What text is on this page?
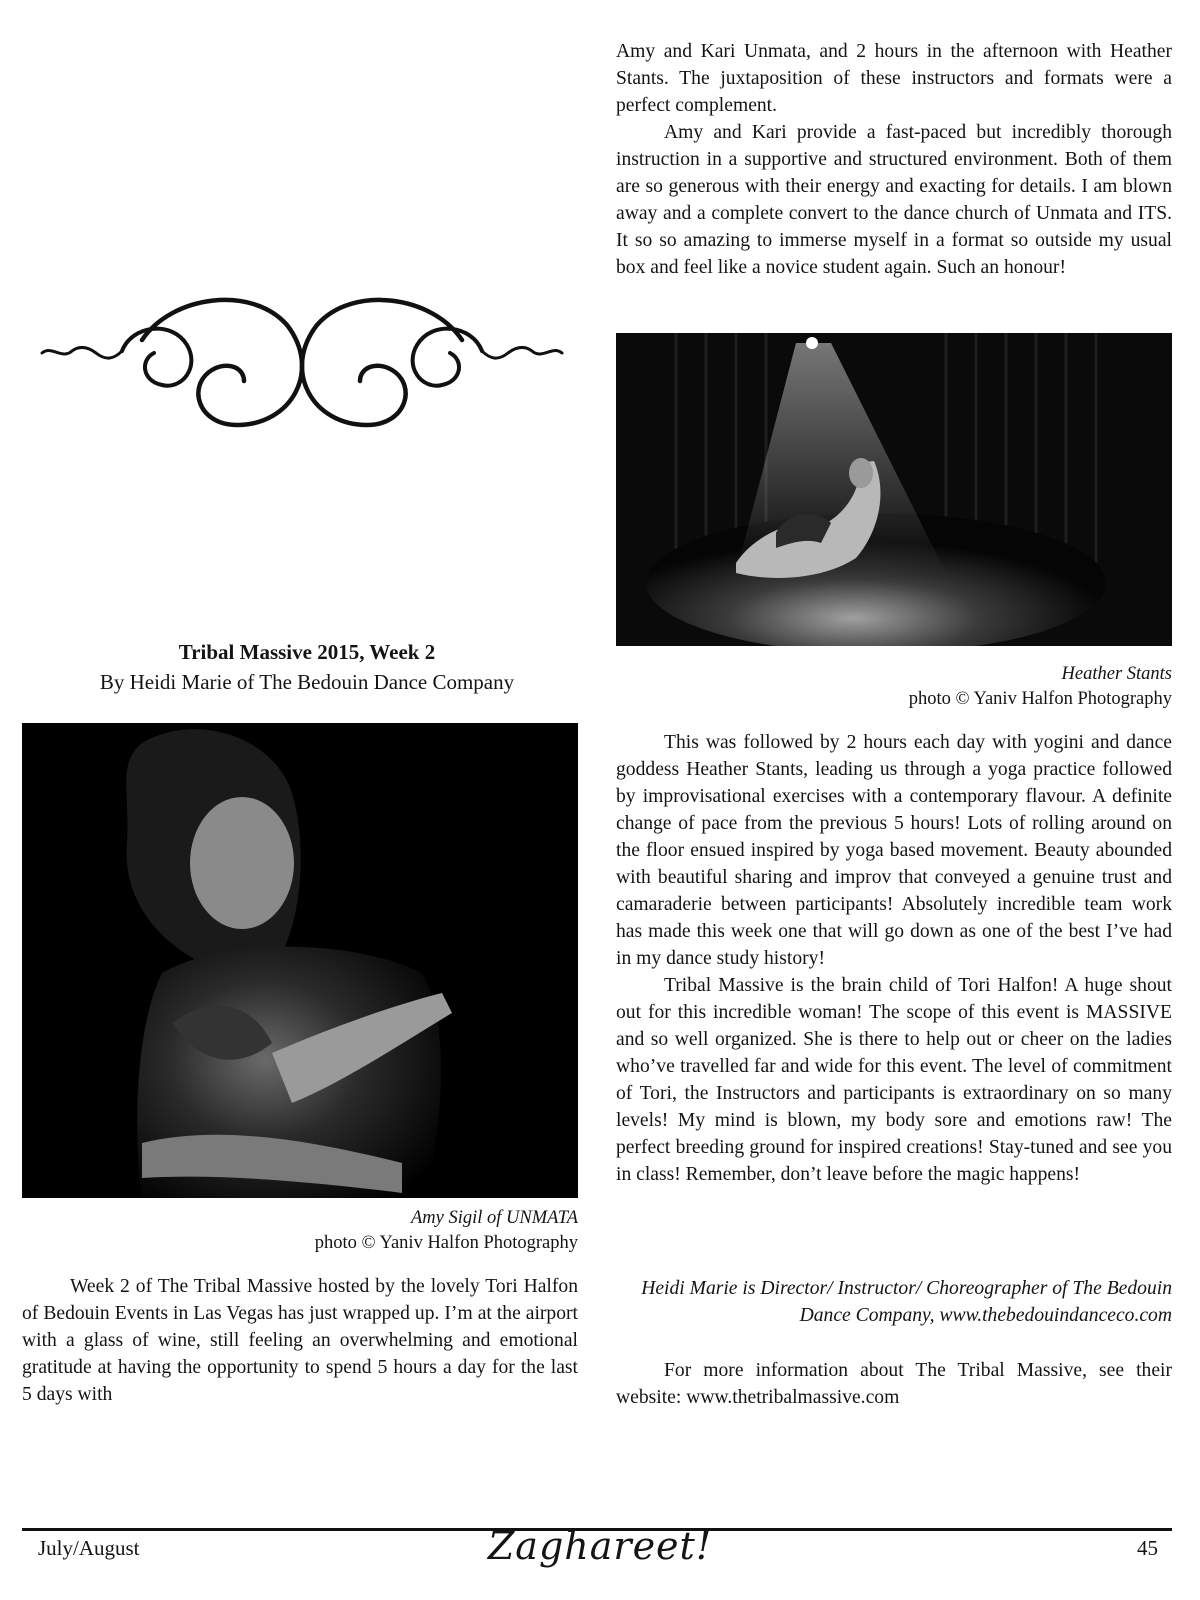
Tribal Massive 2015, Week 2

By Heidi Marie of The Bedouin Dance Company

Amy Sigil of UNMATA
photo © Yaniv Halfon Photography

Week 2 of The Tribal Massive hosted by the lovely Tori Halfon of Bedouin Events in Las Vegas has just wrapped up. I’m at the airport with a glass of wine, still feeling an overwhelming and emotional gratitude at having the opportunity to spend 5 hours a day for the last 5 days with

Amy and Kari Unmata, and 2 hours in the afternoon with Heather Stants. The juxtaposition of these instructors and formats were a perfect complement.

Amy and Kari provide a fast-paced but incredibly thorough instruction in a supportive and structured environment. Both of them are so generous with their energy and exacting for details. I am blown away and a complete convert to the dance church of Unmata and ITS. It so so amazing to immerse myself in a format so outside my usual box and feel like a novice student again. Such an honour!

Heather Stants
photo © Yaniv Halfon Photography

This was followed by 2 hours each day with yogini and dance goddess Heather Stants, leading us through a yoga practice followed by improvisational exercises with a contemporary flavour. A definite change of pace from the previous 5 hours! Lots of rolling around on the floor ensued inspired by yoga based movement. Beauty abounded with beautiful sharing and improv that conveyed a genuine trust and camaraderie between participants! Absolutely incredible team work has made this week one that will go down as one of the best I’ve had in my dance study history!

Tribal Massive is the brain child of Tori Halfon! A huge shout out for this incredible woman! The scope of this event is MASSIVE and so well organized. She is there to help out or cheer on the ladies who’ve travelled far and wide for this event. The level of commitment of Tori, the Instructors and participants is extraordinary on so many levels! My mind is blown, my body sore and emotions raw! The perfect breeding ground for inspired creations! Stay-tuned and see you in class! Remember, don’t leave before the magic happens!

Heidi Marie is Director/ Instructor/ Choreographer of The Bedouin Dance Company, www.thebedouindanceco.com

For more information about The Tribal Massive, see their website: www.thetribalmassive.com

July/August	Zaghareet!	45
